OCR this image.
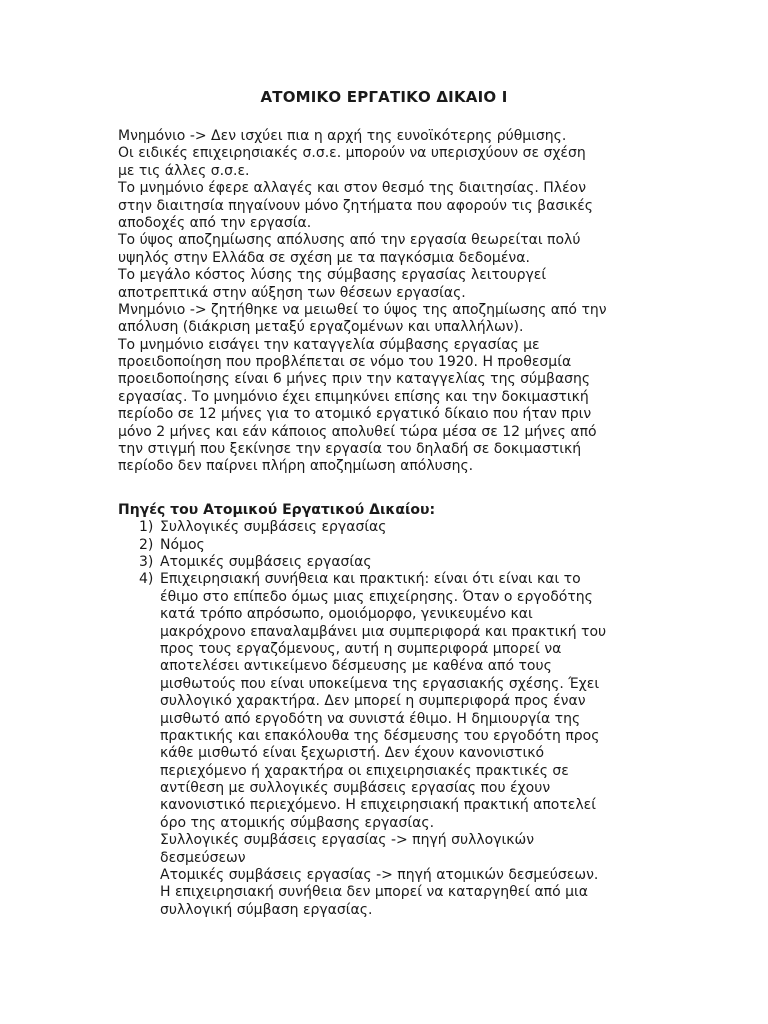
ΑΤΟΜΙΚΟ ΕΡΓΑΤΙΚΟ ΔΙΚΑΙΟ Ι
Μνημόνιο -> Δεν ισχύει πια η αρχή της ευνοϊκότερης ρύθμισης.
Οι ειδικές επιχειρησιακές σ.σ.ε. μπορούν να υπερισχύουν σε σχέση
με τις άλλες σ.σ.ε.
Το μνημόνιο έφερε αλλαγές και στον θεσμό της διαιτησίας. Πλέον
στην διαιτησία πηγαίνουν μόνο ζητήματα που αφορούν τις βασικές
αποδοχές από την εργασία.
Το ύψος αποζημίωσης απόλυσης από την εργασία θεωρείται πολύ
υψηλός στην Ελλάδα σε σχέση με τα παγκόσμια δεδομένα.
Το μεγάλο κόστος λύσης της σύμβασης εργασίας λειτουργεί
αποτρεπτικά στην αύξηση των θέσεων εργασίας.
Μνημόνιο -> ζητήθηκε να μειωθεί το ύψος της αποζημίωσης από την
απόλυση (διάκριση μεταξύ εργαζομένων και υπαλλήλων).
Το μνημόνιο εισάγει την καταγγελία σύμβασης εργασίας με
προειδοποίηση που προβλέπεται σε νόμο του 1920. Η προθεσμία
προειδοποίησης είναι 6 μήνες πριν την καταγγελίας της σύμβασης
εργασίας. Το μνημόνιο έχει επιμηκύνει επίσης και την δοκιμαστική
περίοδο σε 12 μήνες για το ατομικό εργατικό δίκαιο που ήταν πριν
μόνο 2 μήνες και εάν κάποιος απολυθεί τώρα μέσα σε 12 μήνες από
την στιγμή που ξεκίνησε την εργασία του δηλαδή σε δοκιμαστική
περίοδο δεν παίρνει πλήρη αποζημίωση απόλυσης.
Πηγές του Ατομικού Εργατικού Δικαίου:
1) Συλλογικές συμβάσεις εργασίας
2) Νόμος
3) Ατομικές συμβάσεις εργασίας
4) Επιχειρησιακή συνήθεια και πρακτική: είναι ότι είναι και το
έθιμο στο επίπεδο όμως μιας επιχείρησης. Όταν ο εργοδότης
κατά τρόπο απρόσωπο, ομοιόμορφο, γενικευμένο και
μακρόχρονο επαναλαμβάνει μια συμπεριφορά και πρακτική του
προς τους εργαζόμενους, αυτή η συμπεριφορά μπορεί να
αποτελέσει αντικείμενο δέσμευσης με καθένα από τους
μισθωτούς που είναι υποκείμενα της εργασιακής σχέσης. Έχει
συλλογικό χαρακτήρα. Δεν μπορεί η συμπεριφορά προς έναν
μισθωτό από εργοδότη να συνιστά έθιμο. Η δημιουργία της
πρακτικής και επακόλουθα της δέσμευσης του εργοδότη προς
κάθε μισθωτό είναι ξεχωριστή. Δεν έχουν κανονιστικό
περιεχόμενο ή χαρακτήρα οι επιχειρησιακές πρακτικές σε
αντίθεση με συλλογικές συμβάσεις εργασίας που έχουν
κανονιστικό περιεχόμενο. Η επιχειρησιακή πρακτική αποτελεί
όρο της ατομικής σύμβασης εργασίας.
Συλλογικές συμβάσεις εργασίας -> πηγή συλλογικών
δεσμεύσεων
Ατομικές συμβάσεις εργασίας -> πηγή ατομικών δεσμεύσεων.
Η επιχειρησιακή συνήθεια δεν μπορεί να καταργηθεί από μια
συλλογική σύμβαση εργασίας.
